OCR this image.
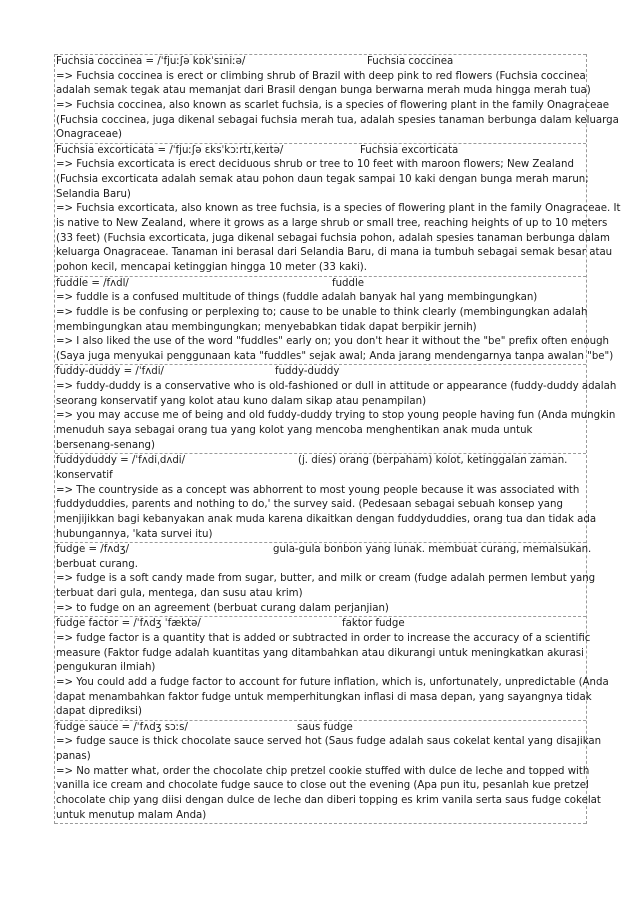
Fuchsia coccinea = /ˈfjuːʃə kɒkˈsɪniːə/	Fuchsia coccinea
=> Fuchsia coccinea is erect or climbing shrub of Brazil with deep pink to red flowers (Fuchsia coccinea
adalah semak tegak atau memanjat dari Brasil dengan bunga berwarna merah muda hingga merah tua)
=> Fuchsia coccinea, also known as scarlet fuchsia, is a species of flowering plant in the family Onagraceae
(Fuchsia coccinea, juga dikenal sebagai fuchsia merah tua, adalah spesies tanaman berbunga dalam keluarga
Onagraceae)
Fuchsia excorticata = /ˈfjuːʃə ɛksˈkɔːrtɪˌkeɪtə/	Fuchsia excorticata
=> Fuchsia excorticata is erect deciduous shrub or tree to 10 feet with maroon flowers; New Zealand
(Fuchsia excorticata adalah semak atau pohon daun tegak sampai 10 kaki dengan bunga merah marun;
Selandia Baru)
=> Fuchsia excorticata, also known as tree fuchsia, is a species of flowering plant in the family Onagraceae. It
is native to New Zealand, where it grows as a large shrub or small tree, reaching heights of up to 10 meters
(33 feet) (Fuchsia excorticata, juga dikenal sebagai fuchsia pohon, adalah spesies tanaman berbunga dalam
keluarga Onagraceae. Tanaman ini berasal dari Selandia Baru, di mana ia tumbuh sebagai semak besar atau
pohon kecil, mencapai ketinggian hingga 10 meter (33 kaki).
fuddle = /fʌdl/	fuddle
=> fuddle is a confused multitude of things (fuddle adalah banyak hal yang membingungkan)
=> fuddle is be confusing or perplexing to; cause to be unable to think clearly (membingungkan adalah
membingungkan atau membingungkan; menyebabkan tidak dapat berpikir jernih)
=> I also liked the use of the word "fuddles" early on; you don't hear it without the "be" prefix often enough
(Saya juga menyukai penggunaan kata "fuddles" sejak awal; Anda jarang mendengarnya tanpa awalan "be")
fuddy-duddy = /ˈfʌdi/	fuddy-duddy
=> fuddy-duddy is a conservative who is old-fashioned or dull in attitude or appearance (fuddy-duddy adalah
seorang konservatif yang kolot atau kuno dalam sikap atau penampilan)
=> you may accuse me of being and old fuddy-duddy trying to stop young people having fun (Anda mungkin
menuduh saya sebagai orang tua yang kolot yang mencoba menghentikan anak muda untuk
bersenang-senang)
fuddyduddy = /ˈfʌdiˌdʌdi/	(j. dies) orang (berpaham) kolot, ketinggalan zaman.
konservatif
=> The countryside as a concept was abhorrent to most young people because it was associated with
fuddyduddies, parents and nothing to do,' the survey said. (Pedesaan sebagai sebuah konsep yang
menjijikkan bagi kebanyakan anak muda karena dikaitkan dengan fuddyduddies, orang tua dan tidak ada
hubungannya, 'kata survei itu)
fudge = /fʌdʒ/	gula-gula bonbon yang lunak. membuat curang, memalsukan.
berbuat curang.
=> fudge is a soft candy made from sugar, butter, and milk or cream (fudge adalah permen lembut yang
terbuat dari gula, mentega, dan susu atau krim)
=> to fudge on an agreement (berbuat curang dalam perjanjian)
fudge factor = /ˈfʌdʒ ˈfæktə/	faktor fudge
=> fudge factor is a quantity that is added or subtracted in order to increase the accuracy of a scientific
measure (Faktor fudge adalah kuantitas yang ditambahkan atau dikurangi untuk meningkatkan akurasi
pengukuran ilmiah)
=> You could add a fudge factor to account for future inflation, which is, unfortunately, unpredictable (Anda
dapat menambahkan faktor fudge untuk memperhitungkan inflasi di masa depan, yang sayangnya tidak
dapat diprediksi)
fudge sauce = /ˈfʌdʒ sɔːs/	saus fudge
=> fudge sauce is thick chocolate sauce served hot (Saus fudge adalah saus cokelat kental yang disajikan
panas)
=> No matter what, order the chocolate chip pretzel cookie stuffed with dulce de leche and topped with
vanilla ice cream and chocolate fudge sauce to close out the evening (Apa pun itu, pesanlah kue pretzel
chocolate chip yang diisi dengan dulce de leche dan diberi topping es krim vanila serta saus fudge cokelat
untuk menutup malam Anda)
